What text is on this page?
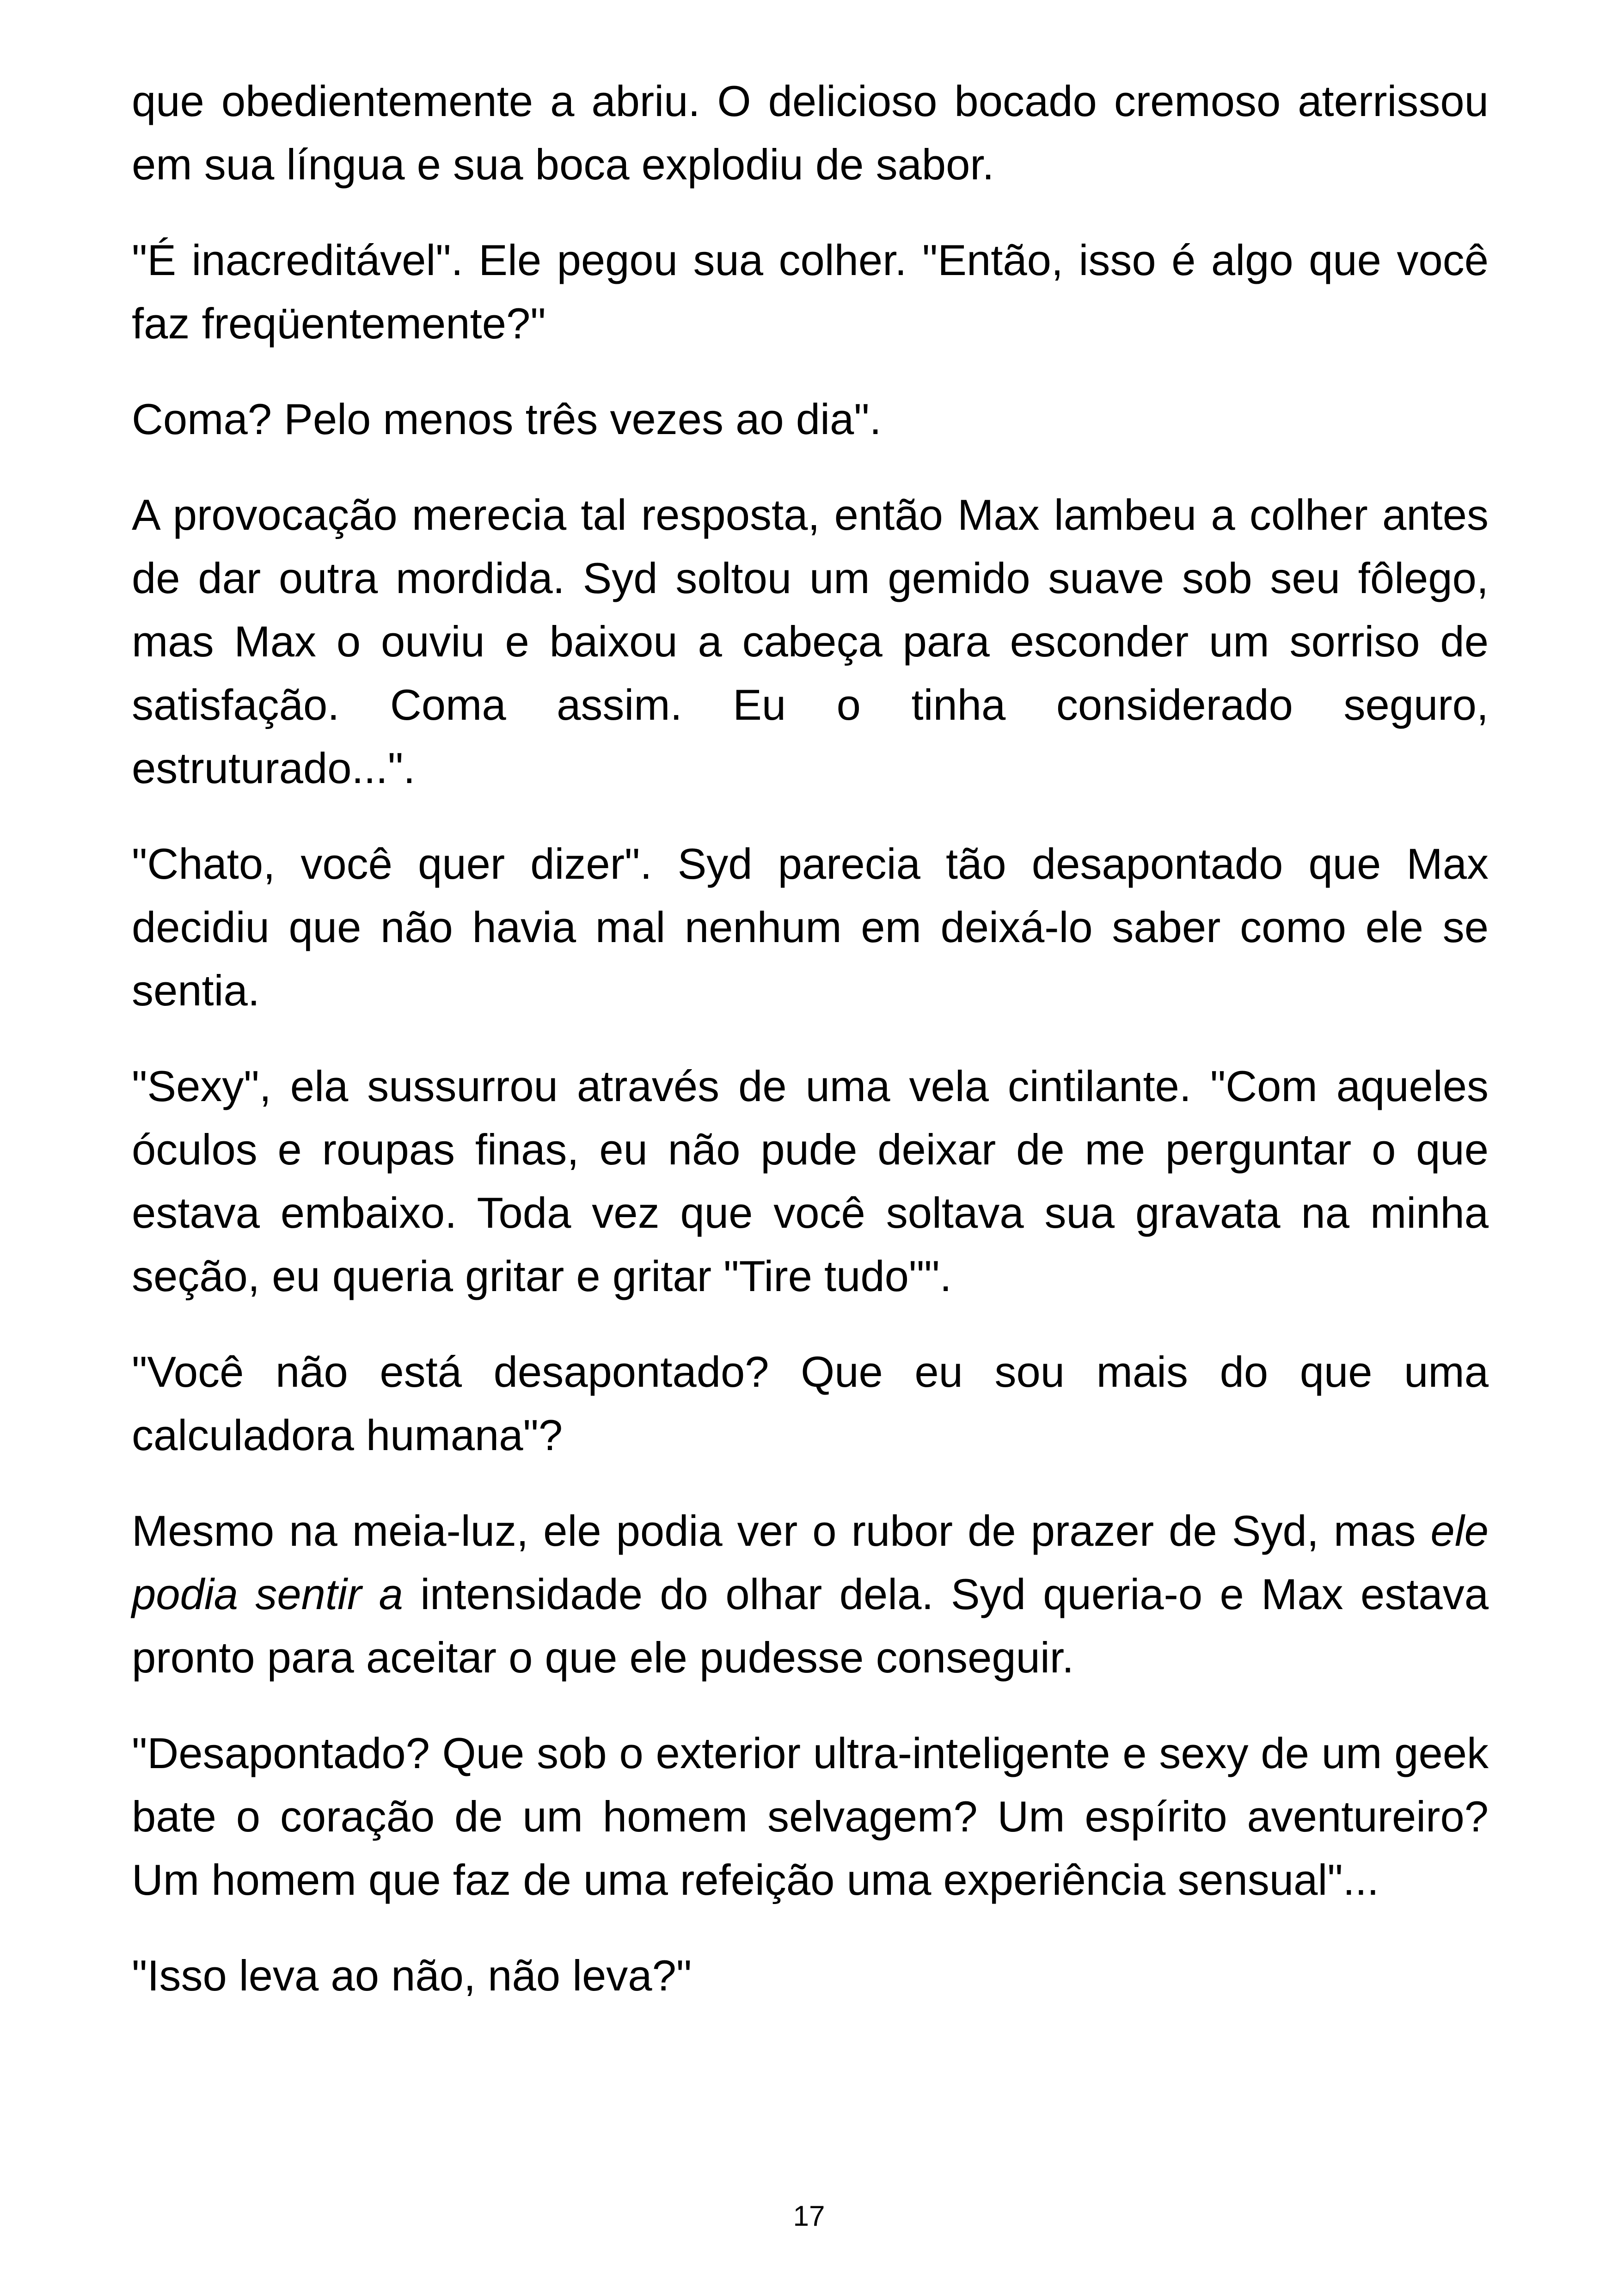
que obedientemente a abriu. O delicioso bocado cremoso aterrissou em sua língua e sua boca explodiu de sabor.

"É inacreditável". Ele pegou sua colher. "Então, isso é algo que você faz freqüentemente?"

Coma? Pelo menos três vezes ao dia".

A provocação merecia tal resposta, então Max lambeu a colher antes de dar outra mordida. Syd soltou um gemido suave sob seu fôlego, mas Max o ouviu e baixou a cabeça para esconder um sorriso de satisfação. Coma assim. Eu o tinha considerado seguro, estruturado...".

"Chato, você quer dizer". Syd parecia tão desapontado que Max decidiu que não havia mal nenhum em deixá-lo saber como ele se sentia.

"Sexy", ela sussurrou através de uma vela cintilante. "Com aqueles óculos e roupas finas, eu não pude deixar de me perguntar o que estava embaixo. Toda vez que você soltava sua gravata na minha seção, eu queria gritar e gritar "Tire tudo"".

"Você não está desapontado? Que eu sou mais do que uma calculadora humana"?

Mesmo na meia-luz, ele podia ver o rubor de prazer de Syd, mas ele podia sentir a intensidade do olhar dela. Syd queria-o e Max estava pronto para aceitar o que ele pudesse conseguir.

"Desapontado? Que sob o exterior ultra-inteligente e sexy de um geek bate o coração de um homem selvagem? Um espírito aventureiro? Um homem que faz de uma refeição uma experiência sensual"...

"Isso leva ao não, não leva?"

17
